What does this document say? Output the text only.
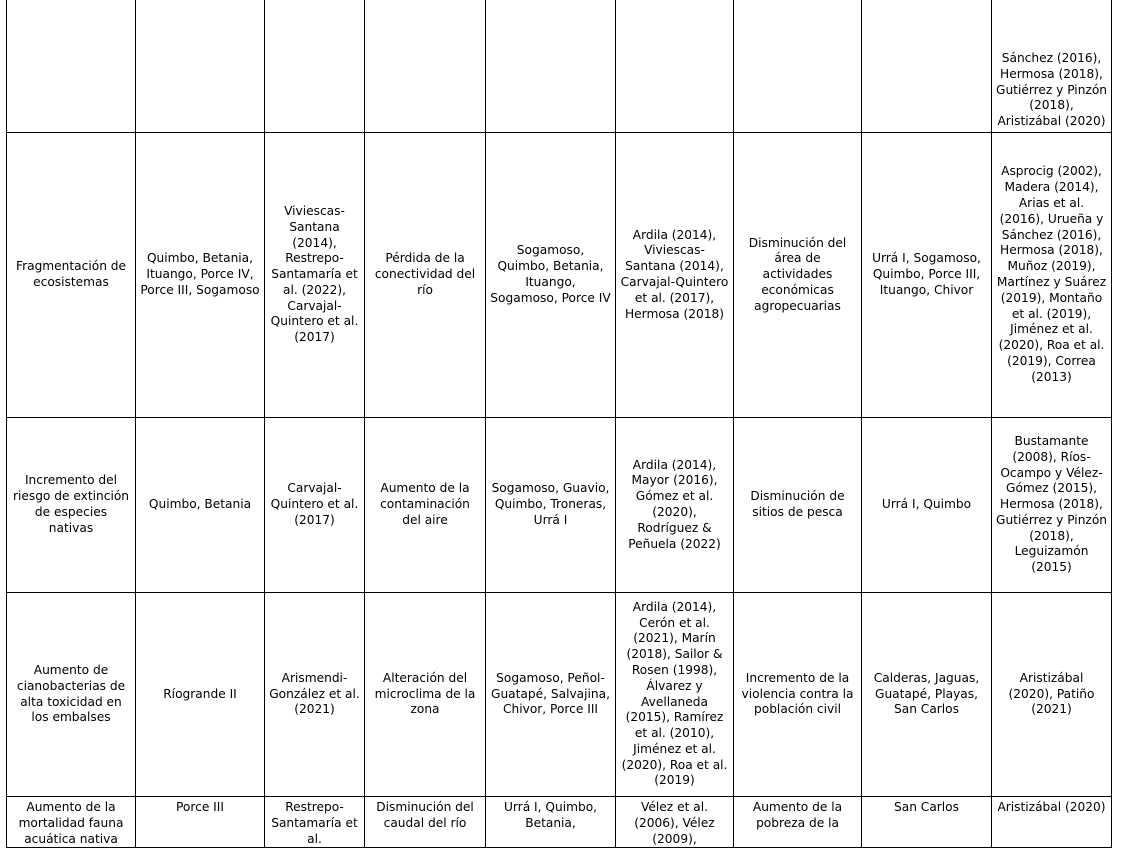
								Sánchez (2016), Hermosa (2018), Gutiérrez y Pinzón (2018), Aristizábal (2020)
Fragmentación de ecosistemas	Quimbo, Betania, Ituango, Porce IV, Porce III, Sogamoso	Viviescas-Santana (2014), Restrepo-Santamaría et al. (2022), Carvajal-Quintero et al. (2017)	Pérdida de la conectividad del río	Sogamoso, Quimbo, Betania, Ituango, Sogamoso, Porce IV	Ardila (2014), Viviescas-Santana (2014), Carvajal-Quintero et al. (2017), Hermosa (2018)	Disminución del área de actividades económicas agropecuarias	Urrá I, Sogamoso, Quimbo, Porce III, Ituango, Chivor	Asprocig (2002), Madera (2014), Arias et al. (2016), Urueña y Sánchez (2016), Hermosa (2018), Muñoz (2019), Martínez y Suárez (2019), Montaño et al. (2019), Jiménez et al. (2020), Roa et al. (2019), Correa (2013)
Incremento del riesgo de extinción de especies nativas	Quimbo, Betania	Carvajal-Quintero et al. (2017)	Aumento de la contaminación del aire	Sogamoso, Guavio, Quimbo, Troneras, Urrá I	Ardila (2014), Mayor (2016), Gómez et al. (2020), Rodríguez & Peñuela (2022)	Disminución de sitios de pesca	Urrá I, Quimbo	Bustamante (2008), Ríos-Ocampo y Vélez-Gómez (2015), Hermosa (2018), Gutiérrez y Pinzón (2018), Leguizamón (2015)
Aumento de cianobacterias de alta toxicidad en los embalses	Ríogrande II	Arismendi-González et al. (2021)	Alteración del microclima de la zona	Sogamoso, Peñol-Guatapé, Salvajina, Chivor, Porce III	Ardila (2014), Cerón et al. (2021), Marín (2018), Sailor & Rosen (1998), Álvarez y Avellaneda (2015), Ramírez et al. (2010), Jiménez et al. (2020), Roa et al. (2019)	Incremento de la violencia contra la población civil	Calderas, Jaguas, Guatapé, Playas, San Carlos	Aristizábal (2020), Patiño (2021)
Aumento de la mortalidad fauna acuática nativa	Porce III	Restrepo-Santamaría et al.	Disminución del caudal del río	Urrá I, Quimbo, Betania,	Vélez et al. (2006), Vélez (2009),	Aumento de la pobreza de la	San Carlos	Aristizábal (2020)
